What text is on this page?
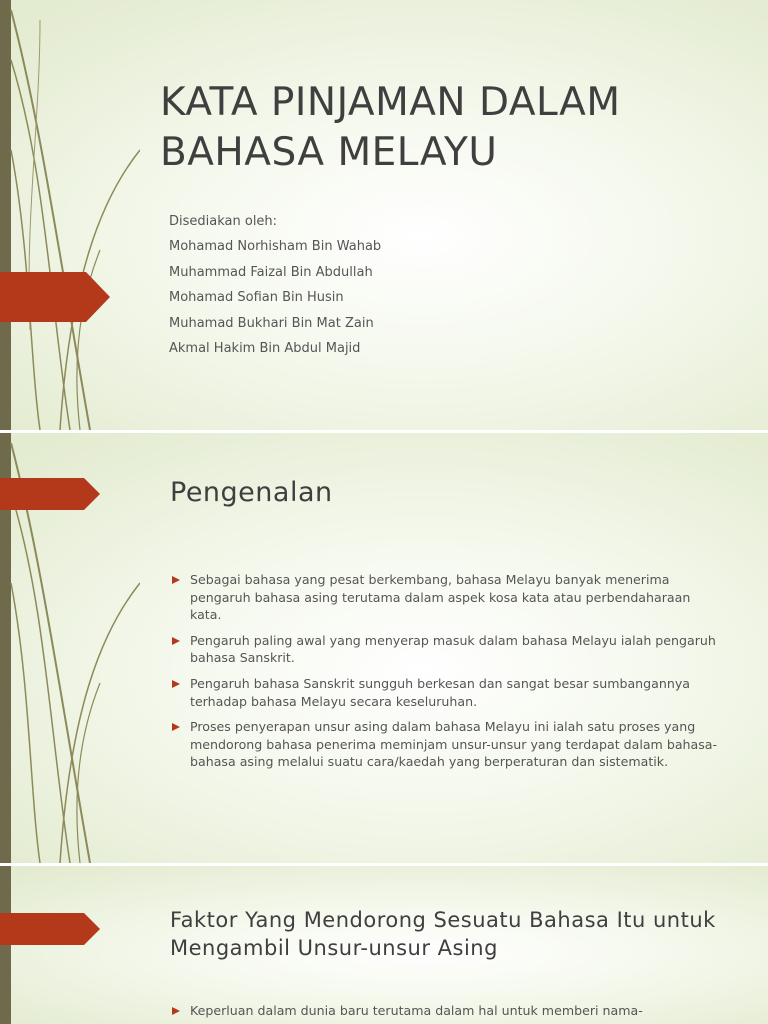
KATA PINJAMAN DALAM
BAHASA MELAYU
Disediakan oleh:
Mohamad Norhisham Bin Wahab
Muhammad Faizal Bin Abdullah
Mohamad Sofian Bin Husin
Muhamad Bukhari Bin Mat Zain
Akmal Hakim Bin Abdul Majid
Pengenalan
Sebagai bahasa yang pesat berkembang, bahasa Melayu banyak menerima pengaruh bahasa asing terutama dalam aspek kosa kata atau perbendaharaan kata.
Pengaruh paling awal yang menyerap masuk dalam bahasa Melayu ialah pengaruh bahasa Sanskrit.
Pengaruh bahasa Sanskrit sungguh berkesan dan sangat besar sumbangannya terhadap bahasa Melayu secara keseluruhan.
Proses penyerapan unsur asing dalam bahasa Melayu ini ialah satu proses yang mendorong bahasa penerima meminjam unsur-unsur yang terdapat dalam bahasa-bahasa asing melalui suatu cara/kaedah yang berperaturan dan sistematik.
Faktor Yang Mendorong Sesuatu Bahasa Itu untuk Mengambil Unsur-unsur Asing
Keperluan dalam dunia baru terutama dalam hal untuk memberi nama-
